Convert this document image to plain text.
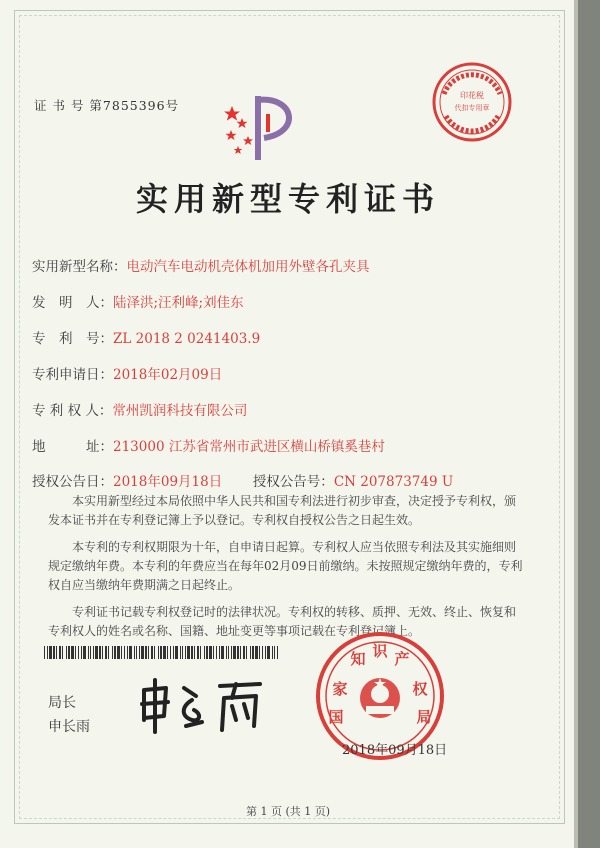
证 书 号 第7855396号
实用新型专利证书
实用新型名称：电动汽车电动机壳体机加用外壁各孔夹具
发　明　人：陆泽洪;汪利峰;刘佳东
专　利　号：ZL 2018 2 0241403.9
专利申请日：2018年02月09日
专 利 权 人：常州凯润科技有限公司
地　　　址：213000 江苏省常州市武进区横山桥镇奚巷村
授权公告日：2018年09月18日 授权公告号：CN 207873749 U

本实用新型经过本局依照中华人民共和国专利法进行初步审查，决定授予专利权，颁发本证书并在专利登记簿上予以登记。专利权自授权公告之日起生效。

本专利的专利权期限为十年，自申请日起算。专利权人应当依照专利法及其实施细则规定缴纳年费。本专利的年费应当在每年02月09日前缴纳。未按照规定缴纳年费的，专利权自应当缴纳年费期满之日起终止。

专利证书记载专利权登记时的法律状况。专利权的转移、质押、无效、终止、恢复和专利权人的姓名或名称、国籍、地址变更等事项记载在专利登记簿上。

局长
申长雨
印花税
代扣专用章
家
知 识 产
权
国	局
2018年09月18日
第 1 页 (共 1 页)
